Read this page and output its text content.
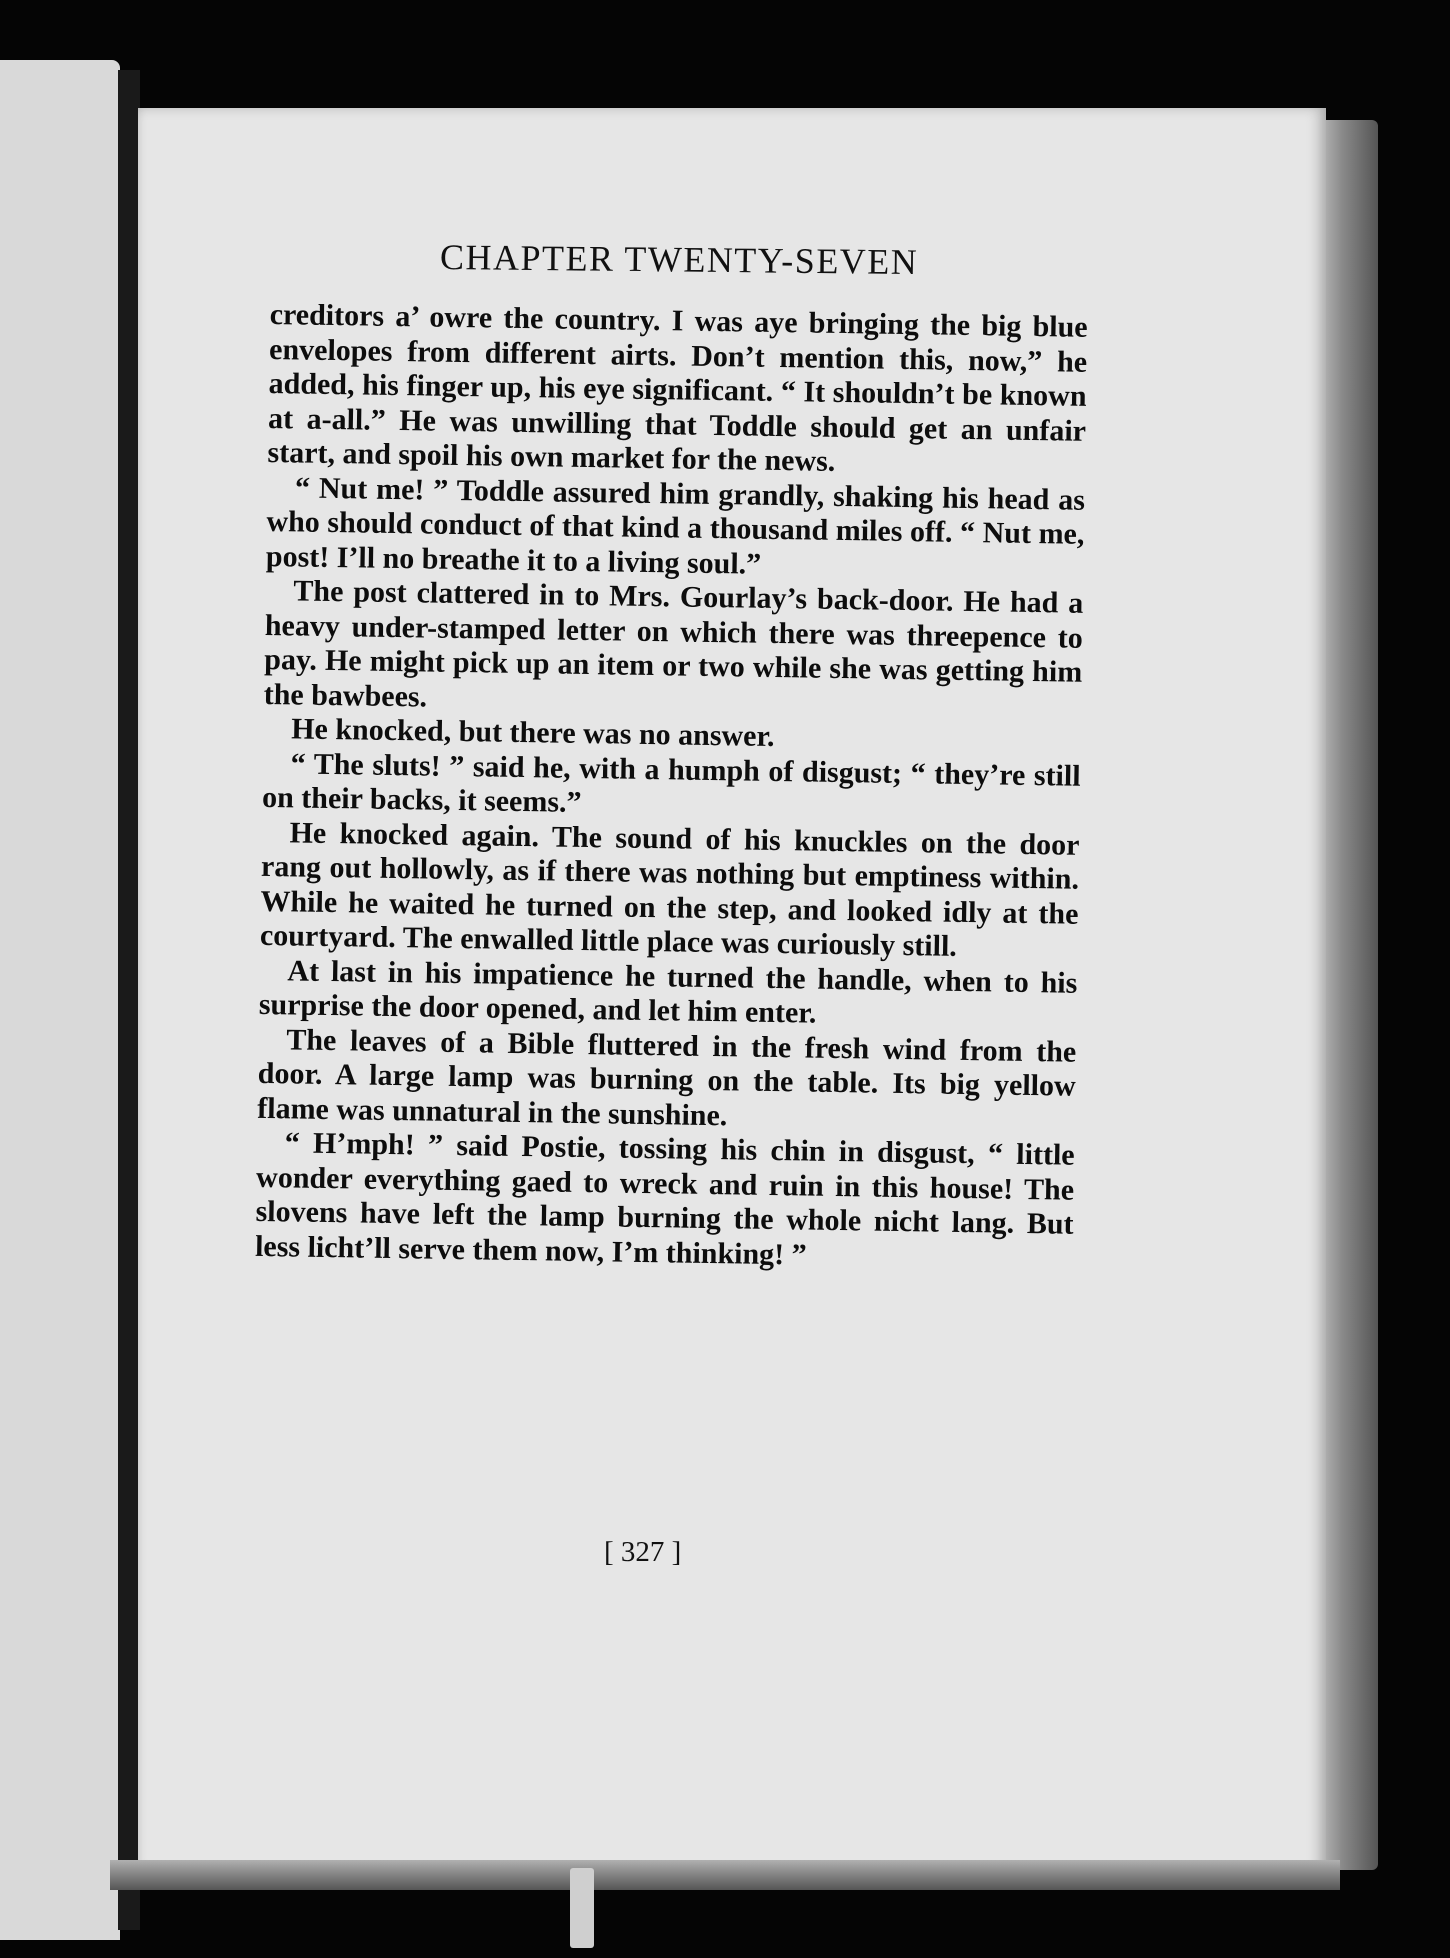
CHAPTER TWENTY-SEVEN

creditors a’ owre the country. I was aye bringing the big blue envelopes from different airts. Don’t mention this, now,” he added, his finger up, his eye significant. “ It shouldn’t be known at a-all.” He was unwilling that Toddle should get an unfair start, and spoil his own market for the news.

“ Nut me! ” Toddle assured him grandly, shaking his head as who should conduct of that kind a thousand miles off. “ Nut me, post! I’ll no breathe it to a living soul.”

The post clattered in to Mrs. Gourlay’s back-door. He had a heavy under-stamped letter on which there was threepence to pay. He might pick up an item or two while she was getting him the bawbees.

He knocked, but there was no answer.

“ The sluts! ” said he, with a humph of disgust; “ they’re still on their backs, it seems.”

He knocked again. The sound of his knuckles on the door rang out hollowly, as if there was nothing but emptiness within. While he waited he turned on the step, and looked idly at the courtyard. The enwalled little place was curiously still.

At last in his impatience he turned the handle, when to his surprise the door opened, and let him enter.

The leaves of a Bible fluttered in the fresh wind from the door. A large lamp was burning on the table. Its big yellow flame was unnatural in the sunshine.

“ H’mph! ” said Postie, tossing his chin in disgust, “ little wonder everything gaed to wreck and ruin in this house! The slovens have left the lamp burning the whole nicht lang. But less licht’ll serve them now, I’m thinking! ”

[ 327 ]
